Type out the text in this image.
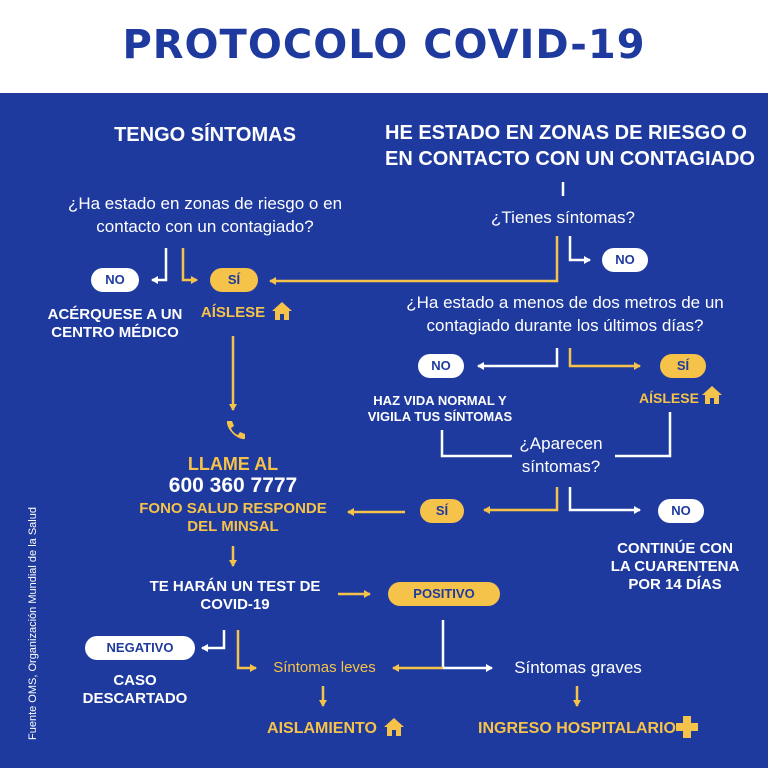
PROTOCOLO COVID-19
TENGO SÍNTOMAS
¿Ha estado en zonas de riesgo o en
contacto con un contagiado?
NO	SÍ
ACÉRQUESE A UN
CENTRO MÉDICO
AÍSLESE
HE ESTADO EN ZONAS DE RIESGO O
EN CONTACTO CON UN CONTAGIADO
¿Tienes síntomas?
NO
¿Ha estado a menos de dos metros de un
contagiado durante los últimos días?
NO	SÍ
HAZ VIDA NORMAL Y
VIGILA TUS SÍNTOMAS
AÍSLESE
¿Aparecen
síntomas?
SÍ	NO
CONTINÚE CON
LA CUARENTENA
POR 14 DÍAS
LLAME AL
600 360 7777
FONO SALUD RESPONDE
DEL MINSAL
TE HARÁN UN TEST DE
COVID-19
POSITIVO
NEGATIVO
CASO
DESCARTADO
Síntomas leves	Síntomas graves
AISLAMIENTO	INGRESO HOSPITALARIO
Fuente OMS, Organización Mundial de la Salud
